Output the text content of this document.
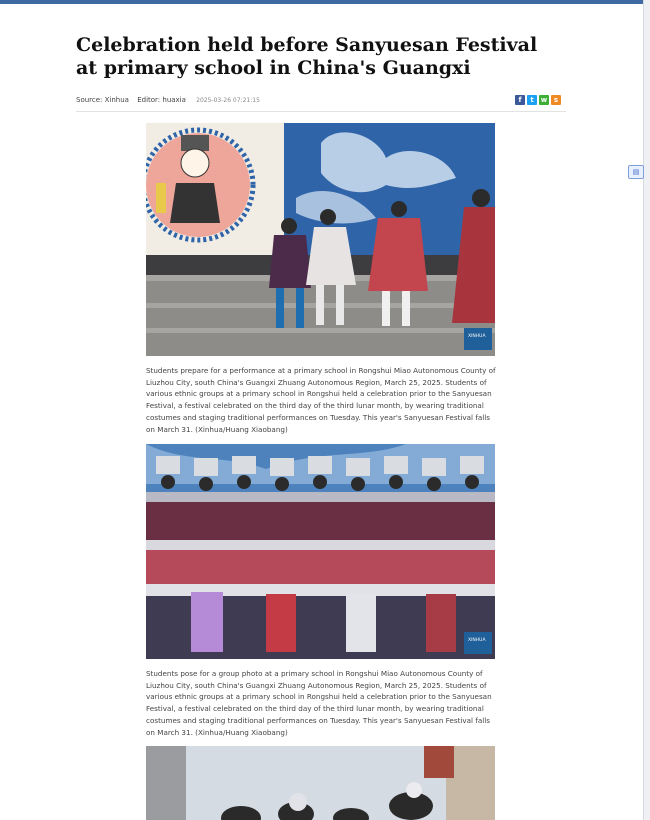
Celebration held before Sanyuesan Festival at primary school in China's Guangxi
Source: Xinhua Editor: huaxia 2025-03-26 07:21:15	f	t	w s
▤
XINHUA

Students prepare for a performance at a primary school in Rongshui Miao Autonomous County of Liuzhou City, south China's Guangxi Zhuang Autonomous Region, March 25, 2025. Students of various ethnic groups at a primary school in Rongshui held a celebration prior to the Sanyuesan Festival, a festival celebrated on the third day of the third lunar month, by wearing traditional costumes and staging traditional performances on Tuesday. This year's Sanyuesan Festival falls on March 31. (Xinhua/Huang Xiaobang)

XINHUA

Students pose for a group photo at a primary school in Rongshui Miao Autonomous County of Liuzhou City, south China's Guangxi Zhuang Autonomous Region, March 25, 2025. Students of various ethnic groups at a primary school in Rongshui held a celebration prior to the Sanyuesan Festival, a festival celebrated on the third day of the third lunar month, by wearing traditional costumes and staging traditional performances on Tuesday. This year's Sanyuesan Festival falls on March 31. (Xinhua/Huang Xiaobang)
